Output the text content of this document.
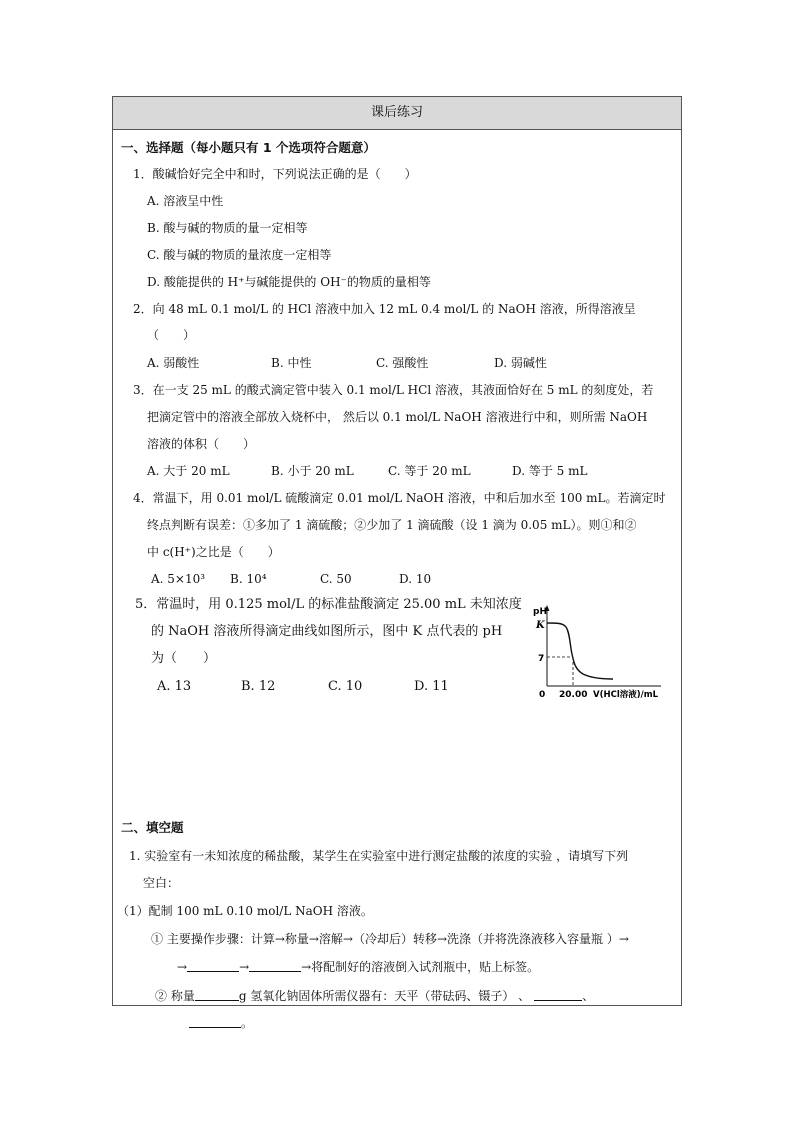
课后练习
一、选择题（每小题只有 1 个选项符合题意）
1．酸碱恰好完全中和时，下列说法正确的是（　　）
A. 溶液呈中性
B. 酸与碱的物质的量一定相等
C. 酸与碱的物质的量浓度一定相等
D. 酸能提供的 H⁺与碱能提供的 OH⁻的物质的量相等
2．向 48 mL 0.1 mol/L 的 HCl 溶液中加入 12 mL 0.4 mol/L 的 NaOH 溶液，所得溶液呈
（　　）
A. 弱酸性	B. 中性	C. 强酸性	D. 弱碱性
3．在一支 25 mL 的酸式滴定管中装入 0.1 mol/L HCl 溶液，其液面恰好在 5 mL 的刻度处，若
把滴定管中的溶液全部放入烧杯中， 然后以 0.1 mol/L NaOH 溶液进行中和，则所需 NaOH
溶液的体积（　　）
A. 大于 20 mL	B. 小于 20 mL	C. 等于 20 mL	D. 等于 5 mL
4．常温下，用 0.01 mol/L 硫酸滴定 0.01 mol/L NaOH 溶液，中和后加水至 100 mL。若滴定时
终点判断有误差：①多加了 1 滴硫酸；②少加了 1 滴硫酸（设 1 滴为 0.05 mL）。则①和②
中 c(H⁺)之比是（　　）
A. 5×10³ B. 10⁴	C. 50	D. 10
5．常温时，用 0.125 mol/L 的标准盐酸滴定 25.00 mL 未知浓度
的 NaOH 溶液所得滴定曲线如图所示，图中 K 点代表的 pH
为（　　）
A. 13	B. 12	C. 10	D. 11
pH
K
7
0 20.00 V(HCl溶液)/mL
二、填空题
1. 实验室有一未知浓度的稀盐酸，某学生在实验室中进行测定盐酸的浓度的实验 ，请填写下列
空白：
（1）配制 100 mL 0.10 mol/L NaOH 溶液。
① 主要操作步骤：计算→称量→溶解→（冷却后）转移→洗涤（并将洗涤液移入容量瓶 ）→
→	→	→将配制好的溶液倒入试剂瓶中，贴上标签。
② 称量	g 氢氧化钠固体所需仪器有：天平（带砝码、镊子） 、	、
。
